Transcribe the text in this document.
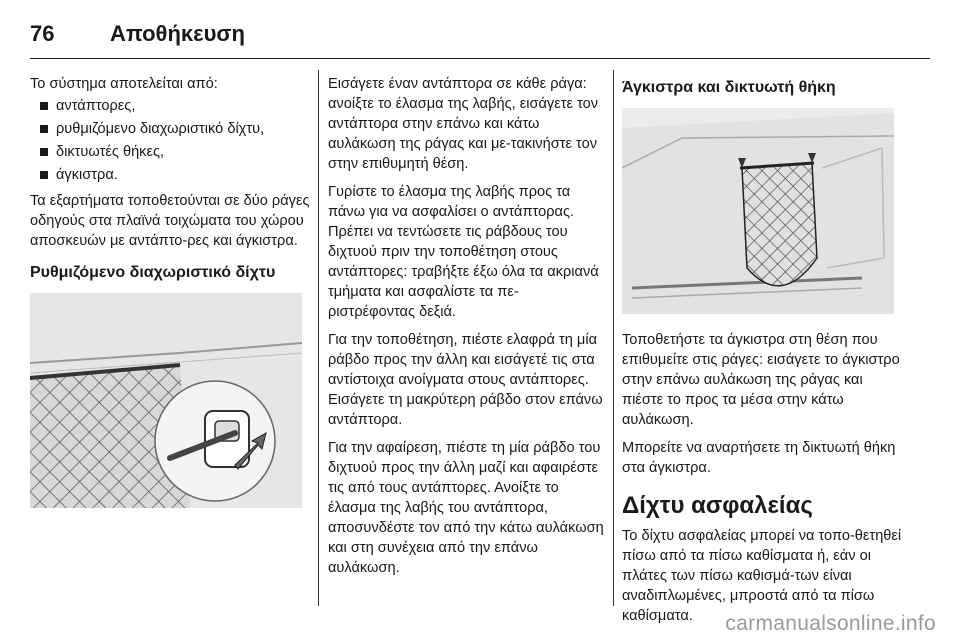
76	Αποθήκευση

Το σύστημα αποτελείται από:

αντάπτορες,
ρυθμιζόμενο διαχωριστικό δίχτυ,
δικτυωτές θήκες,
άγκιστρα.

Τα εξαρτήματα τοποθετούνται σε δύο ράγες οδηγούς στα πλαϊνά τοιχώματα του χώρου αποσκευών με αντάπτο-ρες και άγκιστρα.

Ρυθμιζόμενο διαχωριστικό δίχτυ

Εισάγετε έναν αντάπτορα σε κάθε ράγα: ανοίξτε το έλασμα της λαβής, εισάγετε τον αντάπτορα στην επάνω και κάτω αυλάκωση της ράγας και με-τακινήστε τον στην επιθυμητή θέση.

Γυρίστε το έλασμα της λαβής προς τα πάνω για να ασφαλίσει ο αντάπτορας. Πρέπει να τεντώσετε τις ράβδους του διχτυού πριν την τοποθέτηση στους αντάπτορες: τραβήξτε έξω όλα τα ακριανά τμήματα και ασφαλίστε τα πε-ριστρέφοντας δεξιά.

Για την τοποθέτηση, πιέστε ελαφρά τη μία ράβδο προς την άλλη και εισάγετέ τις στα αντίστοιχα ανοίγματα στους αντάπτορες. Εισάγετε τη μακρύτερη ράβδο στον επάνω αντάπτορα.

Για την αφαίρεση, πιέστε τη μία ράβδο του διχτυού προς την άλλη μαζί και αφαιρέστε τις από τους αντάπτορες. Ανοίξτε το έλασμα της λαβής του αντάπτορα, αποσυνδέστε τον από την κάτω αυλάκωση και στη συνέχεια από την επάνω αυλάκωση.

Άγκιστρα και δικτυωτή θήκη

Τοποθετήστε τα άγκιστρα στη θέση που επιθυμείτε στις ράγες: εισάγετε το άγκιστρο στην επάνω αυλάκωση της ράγας και πιέστε το προς τα μέσα στην κάτω αυλάκωση.

Μπορείτε να αναρτήσετε τη δικτυωτή θήκη στα άγκιστρα.

Δίχτυ ασφαλείας

Το δίχτυ ασφαλείας μπορεί να τοπο-θετηθεί πίσω από τα πίσω καθίσματα ή, εάν οι πλάτες των πίσω καθισμά-των είναι αναδιπλωμένες, μπροστά από τα πίσω καθίσματα.	carmanualsonline.info
